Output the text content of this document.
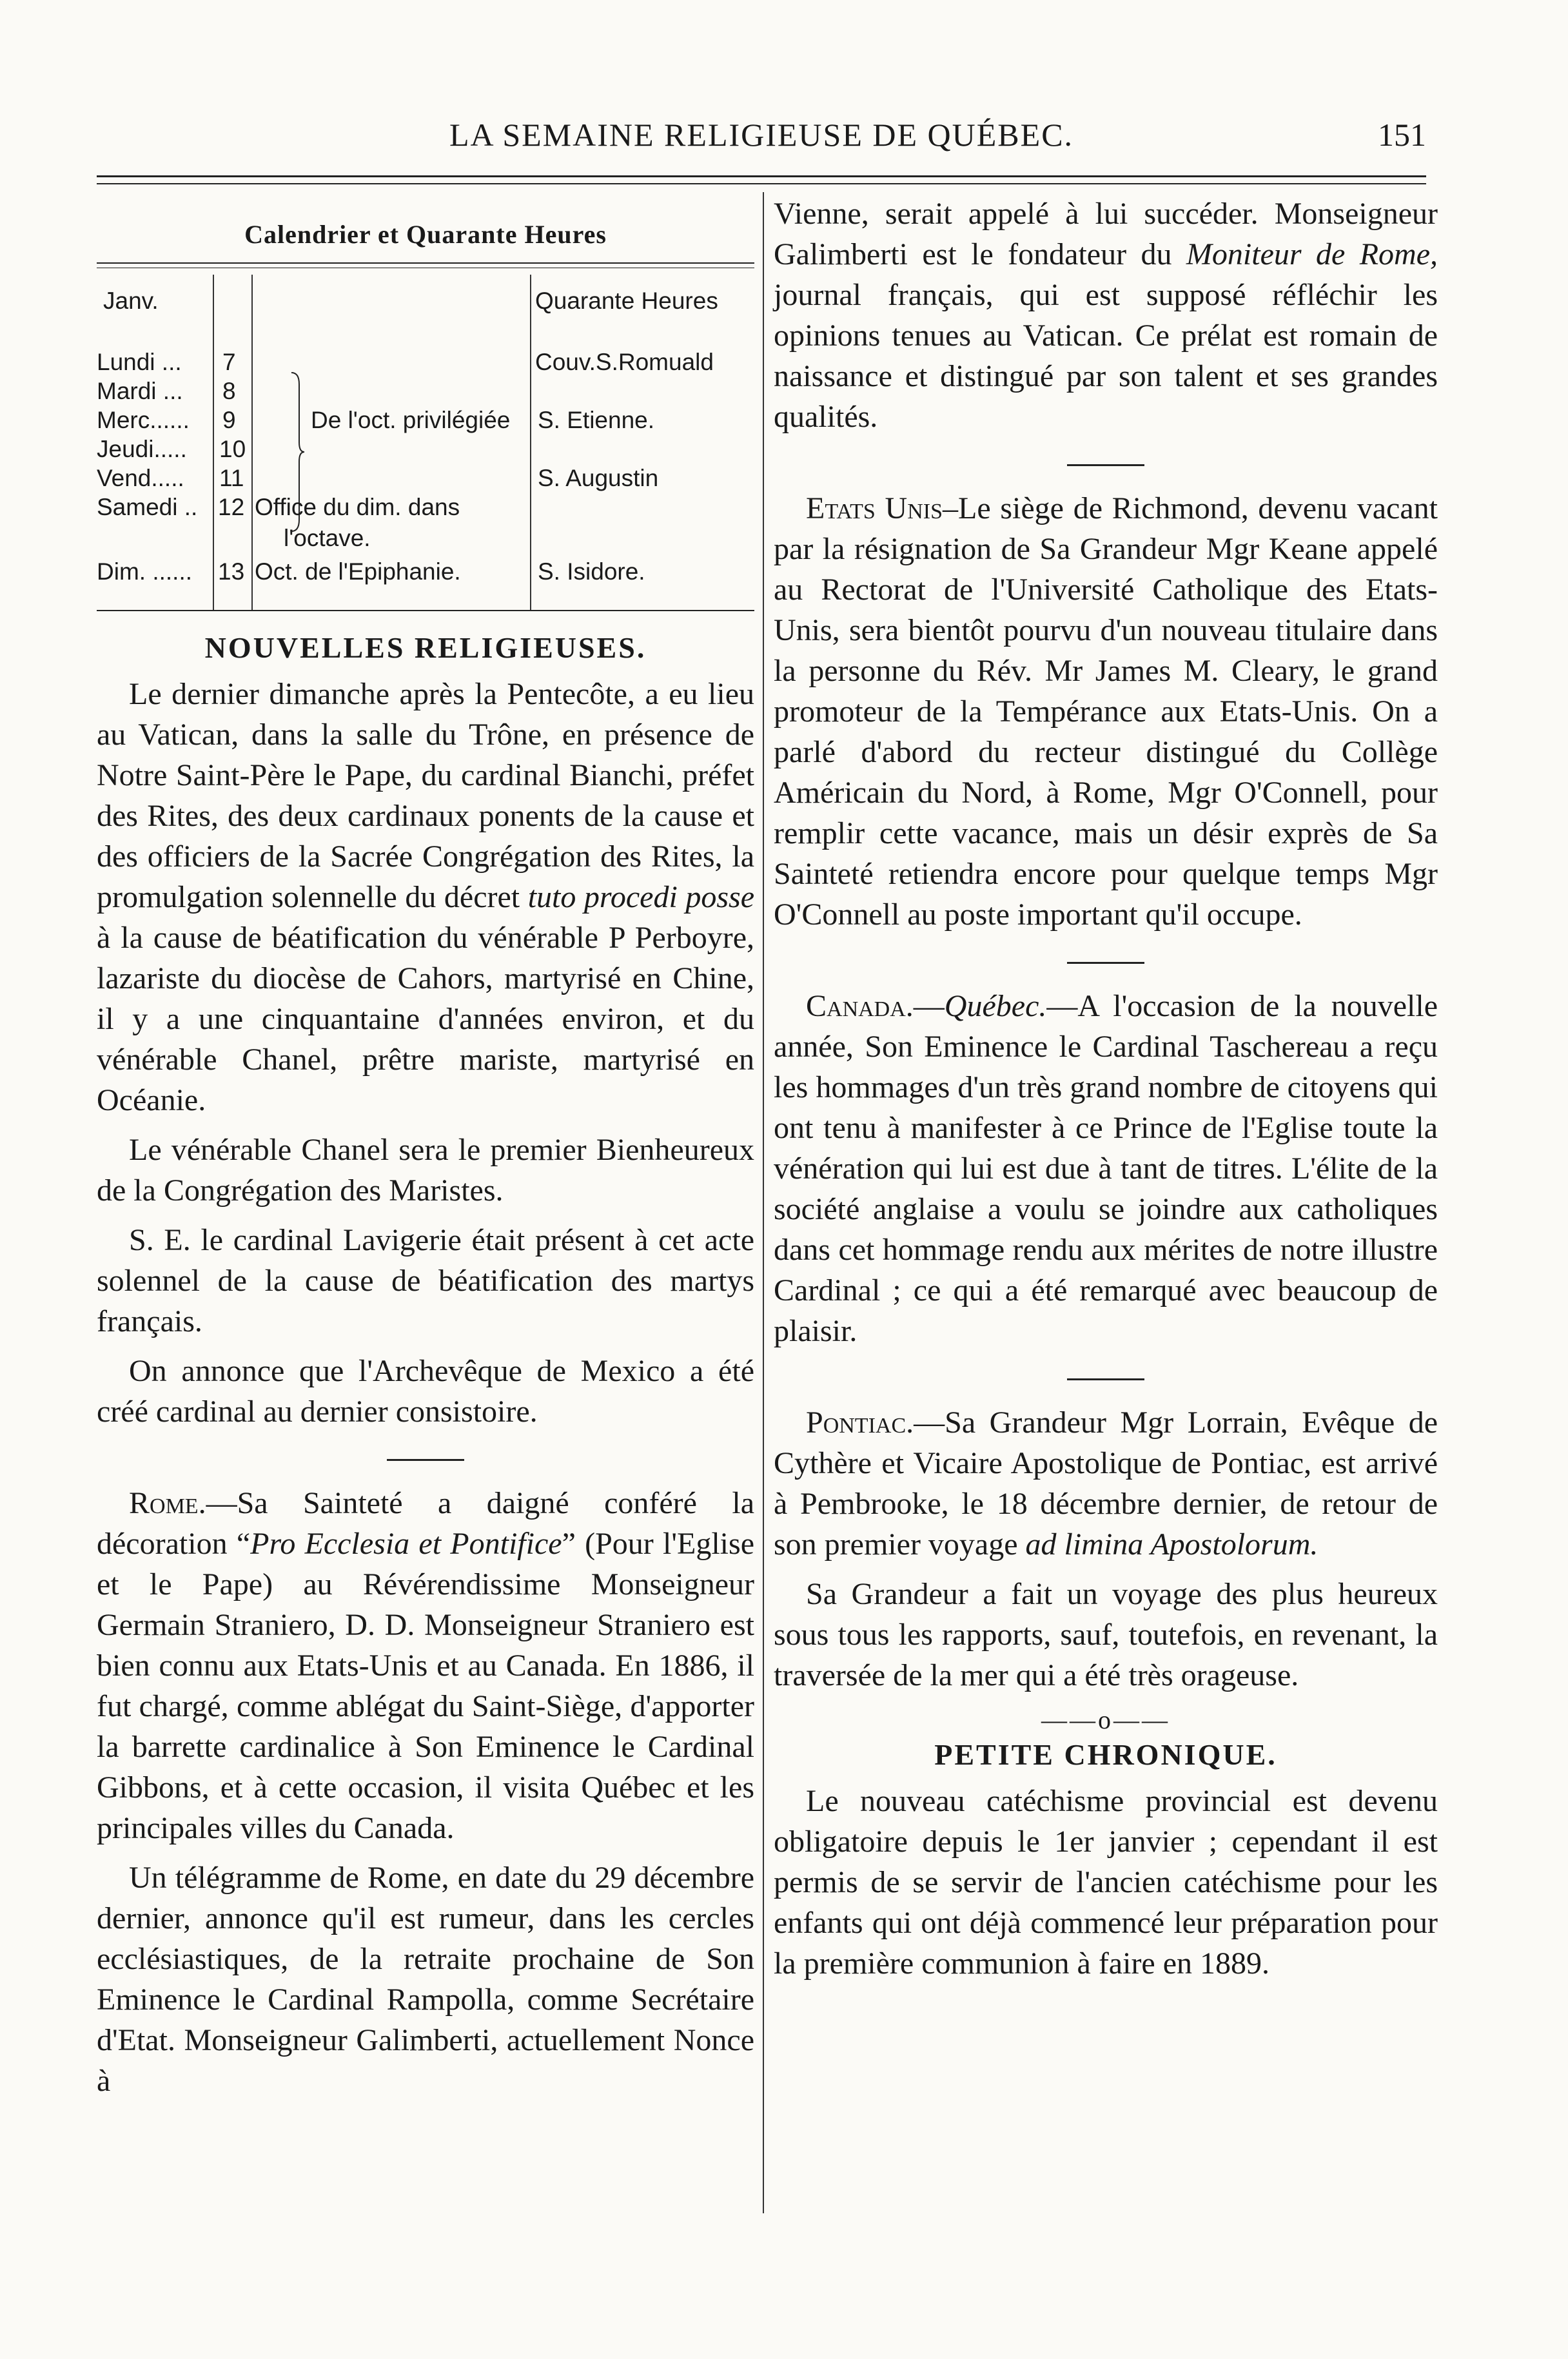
LA SEMAINE RELIGIEUSE DE QUÉBEC.	151
Calendrier et Quarante Heures
Janv.	Quarante Heures
Lundi ...
Mardi ...
Merc......
Jeudi.....
Vend.....
Samedi ..
Dim. ......
7
8
9
10
11
12
13
De l'oct. privilégiée
Office du dim. dans
l'octave.
Oct. de l'Epiphanie.
Couv.S.Romuald
S. Etienne.
S. Augustin
S. Isidore.
NOUVELLES RELIGIEUSES.

Le dernier dimanche après la Pentecôte, a eu lieu au Vatican, dans la salle du Trône, en présence de Notre Saint-Père le Pape, du cardinal Bianchi, préfet des Rites, des deux cardinaux ponents de la cause et des officiers de la Sacrée Congrégation des Rites, la promulgation solennelle du décret tuto procedi posse à la cause de béatification du vénérable P Perboyre, lazariste du diocèse de Cahors, martyrisé en Chine, il y a une cinquantaine d'années environ, et du vénérable Chanel, prêtre mariste, martyrisé en Océanie.

Le vénérable Chanel sera le premier Bienheureux de la Congrégation des Maristes.

S. E. le cardinal Lavigerie était présent à cet acte solennel de la cause de béatification des martys français.

On annonce que l'Archevêque de Mexico a été créé cardinal au dernier consistoire.

Rome.—Sa Sainteté a daigné conféré la décoration “Pro Ecclesia et Pontifice” (Pour l'Eglise et le Pape) au Révérendissime Monseigneur Germain Straniero, D. D. Monseigneur Straniero est bien connu aux Etats-Unis et au Canada. En 1886, il fut chargé, comme ablégat du Saint-Siège, d'apporter la barrette cardinalice à Son Eminence le Cardinal Gibbons, et à cette occasion, il visita Québec et les principales villes du Canada.

Un télégramme de Rome, en date du 29 décembre dernier, annonce qu'il est rumeur, dans les cercles ecclésiastiques, de la retraite prochaine de Son Eminence le Cardinal Rampolla, comme Secrétaire d'Etat. Monseigneur Galimberti, actuellement Nonce à

Vienne, serait appelé à lui succéder. Monseigneur Galimberti est le fondateur du Moniteur de Rome, journal français, qui est supposé réfléchir les opinions tenues au Vatican. Ce prélat est romain de naissance et distingué par son talent et ses grandes qualités.

Etats Unis–Le siège de Richmond, devenu vacant par la résignation de Sa Grandeur Mgr Keane appelé au Rectorat de l'Université Catholique des Etats-Unis, sera bientôt pourvu d'un nouveau titulaire dans la personne du Rév. Mr James M. Cleary, le grand promoteur de la Tempérance aux Etats-Unis. On a parlé d'abord du recteur distingué du Collège Américain du Nord, à Rome, Mgr O'Connell, pour remplir cette vacance, mais un désir exprès de Sa Sainteté retiendra encore pour quelque temps Mgr O'Connell au poste important qu'il occupe.

Canada.—Québec.—A l'occasion de la nouvelle année, Son Eminence le Cardinal Taschereau a reçu les hommages d'un très grand nombre de citoyens qui ont tenu à manifester à ce Prince de l'Eglise toute la vénération qui lui est due à tant de titres. L'élite de la société anglaise a voulu se joindre aux catholiques dans cet hommage rendu aux mérites de notre illustre Cardinal ; ce qui a été remarqué avec beaucoup de plaisir.

Pontiac.—Sa Grandeur Mgr Lorrain, Evêque de Cythère et Vicaire Apostolique de Pontiac, est arrivé à Pembrooke, le 18 décembre dernier, de retour de son premier voyage ad limina Apostolorum.

Sa Grandeur a fait un voyage des plus heureux sous tous les rapports, sauf, toutefois, en revenant, la traversée de la mer qui a été très orageuse.

——o——
PETITE CHRONIQUE.

Le nouveau catéchisme provincial est devenu obligatoire depuis le 1er janvier ; cependant il est permis de se servir de l'ancien catéchisme pour les enfants qui ont déjà commencé leur préparation pour la première communion à faire en 1889.
